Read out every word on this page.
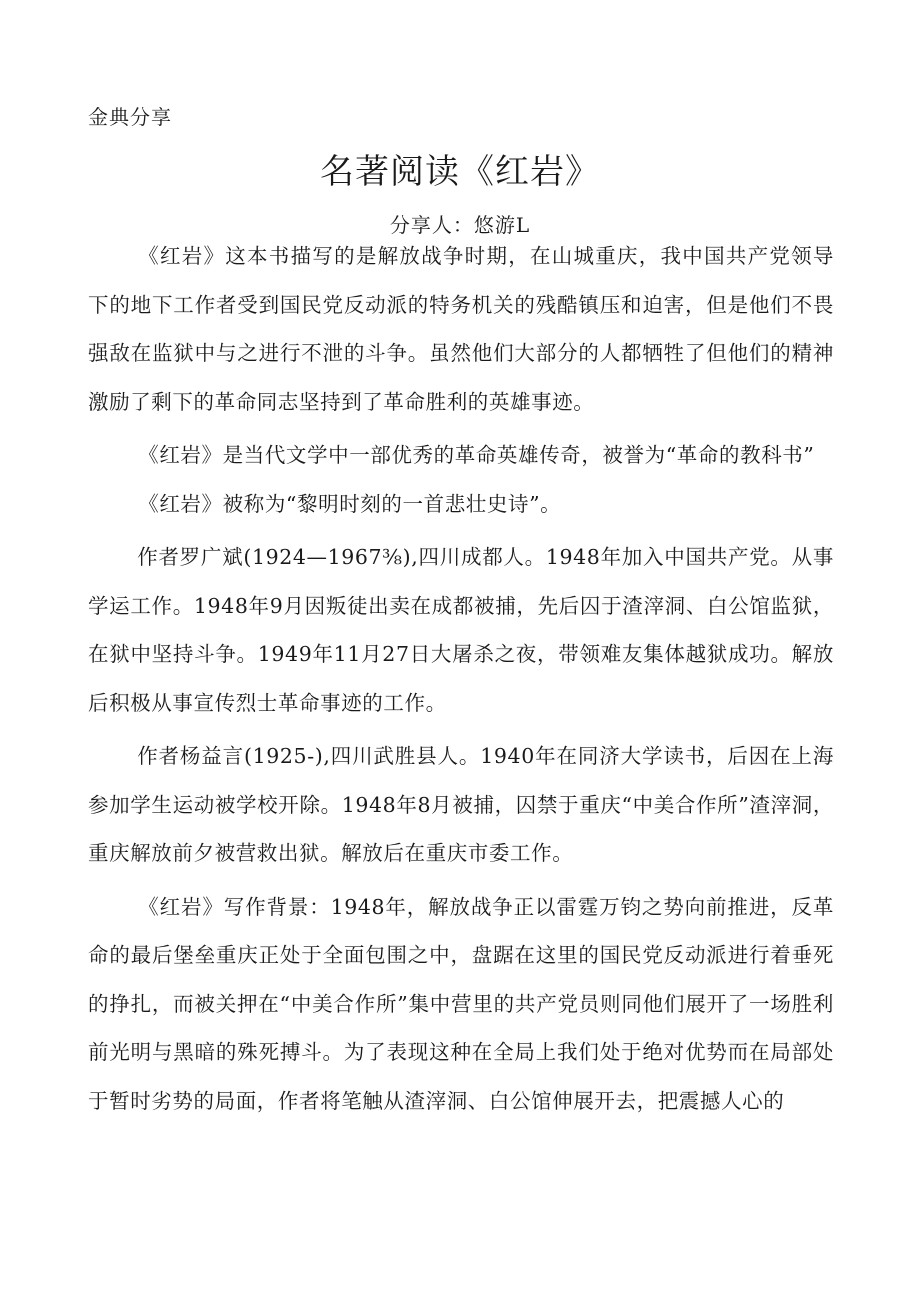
金典分享
名著阅读《红岩》
分享人：悠游L

《红岩》这本书描写的是解放战争时期，在山城重庆，我中国共产党领导下的地下工作者受到国民党反动派的特务机关的残酷镇压和迫害，但是他们不畏强敌在监狱中与之进行不泄的斗争。虽然他们大部分的人都牺牲了但他们的精神激励了剩下的革命同志坚持到了革命胜利的英雄事迹。

《红岩》是当代文学中一部优秀的革命英雄传奇，被誉为“革命的教科书”

《红岩》被称为“黎明时刻的一首悲壮史诗”。

作者罗广斌(1924—1967⅜),四川成都人。1948年加入中国共产党。从事学运工作。1948年9月因叛徒出卖在成都被捕，先后囚于渣滓洞、白公馆监狱，在狱中坚持斗争。1949年11月27日大屠杀之夜，带领难友集体越狱成功。解放后积极从事宣传烈士革命事迹的工作。

作者杨益言(1925-),四川武胜县人。1940年在同济大学读书，后因在上海参加学生运动被学校开除。1948年8月被捕，囚禁于重庆“中美合作所”渣滓洞，重庆解放前夕被营救出狱。解放后在重庆市委工作。

《红岩》写作背景：1948年，解放战争正以雷霆万钧之势向前推进，反革命的最后堡垒重庆正处于全面包围之中，盘踞在这里的国民党反动派进行着垂死的挣扎，而被关押在“中美合作所”集中营里的共产党员则同他们展开了一场胜利前光明与黑暗的殊死搏斗。为了表现这种在全局上我们处于绝对优势而在局部处于暂时劣势的局面，作者将笔触从渣滓洞、白公馆伸展开去，把震撼人心的
